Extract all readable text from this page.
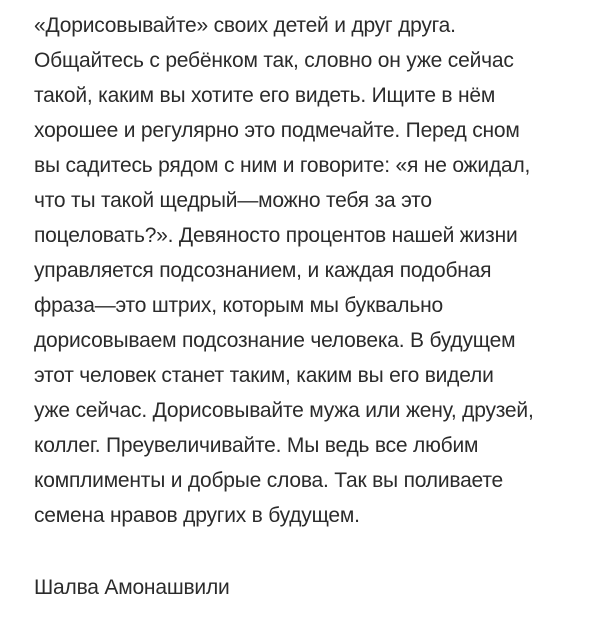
«Дорисовывайте» своих детей и друг друга.
Общайтесь с ребёнком так, словно он уже сейчас
такой, каким вы хотите его видеть. Ищите в нём
хорошее и регулярно это подмечайте. Перед сном
вы садитесь рядом с ним и говорите: «я не ожидал,
что ты такой щедрый—можно тебя за это
поцеловать?». Девяносто процентов нашей жизни
управляется подсознанием, и каждая подобная
фраза—это штрих, которым мы буквально
дорисовываем подсознание человека. В будущем
этот человек станет таким, каким вы его видели
уже сейчас. Дорисовывайте мужа или жену, друзей,
коллег. Преувеличивайте. Мы ведь все любим
комплименты и добрые слова. Так вы поливаете
семена нравов других в будущем.
Шалва Амонашвили
